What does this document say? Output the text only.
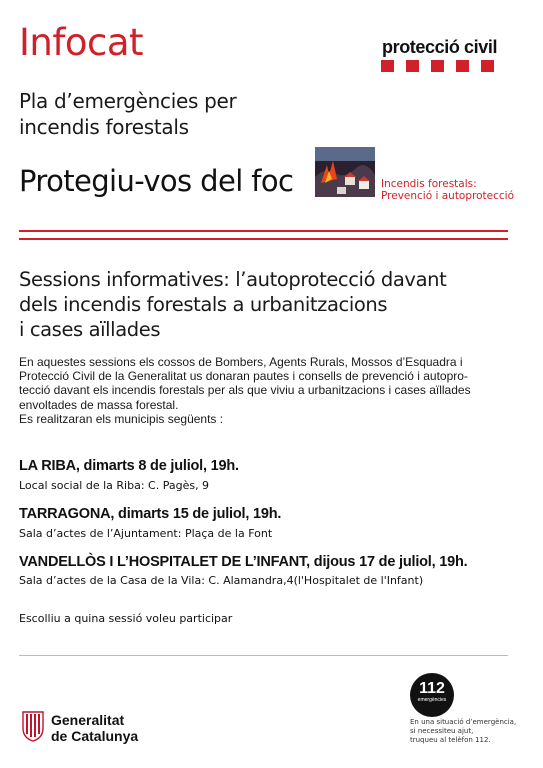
Infocat	protecció civil
Pla d’emergències per
incendis forestals
Protegiu-vos del foc	Incendis forestals:
Prevenció i autoprotecció
Sessions informatives: l’autoprotecció davant
dels incendis forestals a urbanitzacions
i cases aïllades
En aquestes sessions els cossos de Bombers, Agents Rurals, Mossos d’Esquadra i
Protecció Civil de la Generalitat us donaran pautes i consells de prevenció i autopro-
tecció davant els incendis forestals per als que viviu a urbanitzacions i cases aïllades
envoltades de massa forestal.
Es realitzaran els municipis següents :
LA RIBA, dimarts 8 de juliol, 19h.
Local social de la Riba: C. Pagès, 9
TARRAGONA, dimarts 15 de juliol, 19h.
Sala d’actes de l’Ajuntament: Plaça de la Font
VANDELLÒS I L’HOSPITALET DE L’INFANT, dijous 17 de juliol, 19h.
Sala d’actes de la Casa de la Vila: C. Alamandra,4(l'Hospitalet de l'Infant)
Escolliu a quina sessió voleu participar
Generalitat
de Catalunya
112
emergències
En una situació d’emergència,
si necessiteu ajut,
truqueu al telèfon 112.
